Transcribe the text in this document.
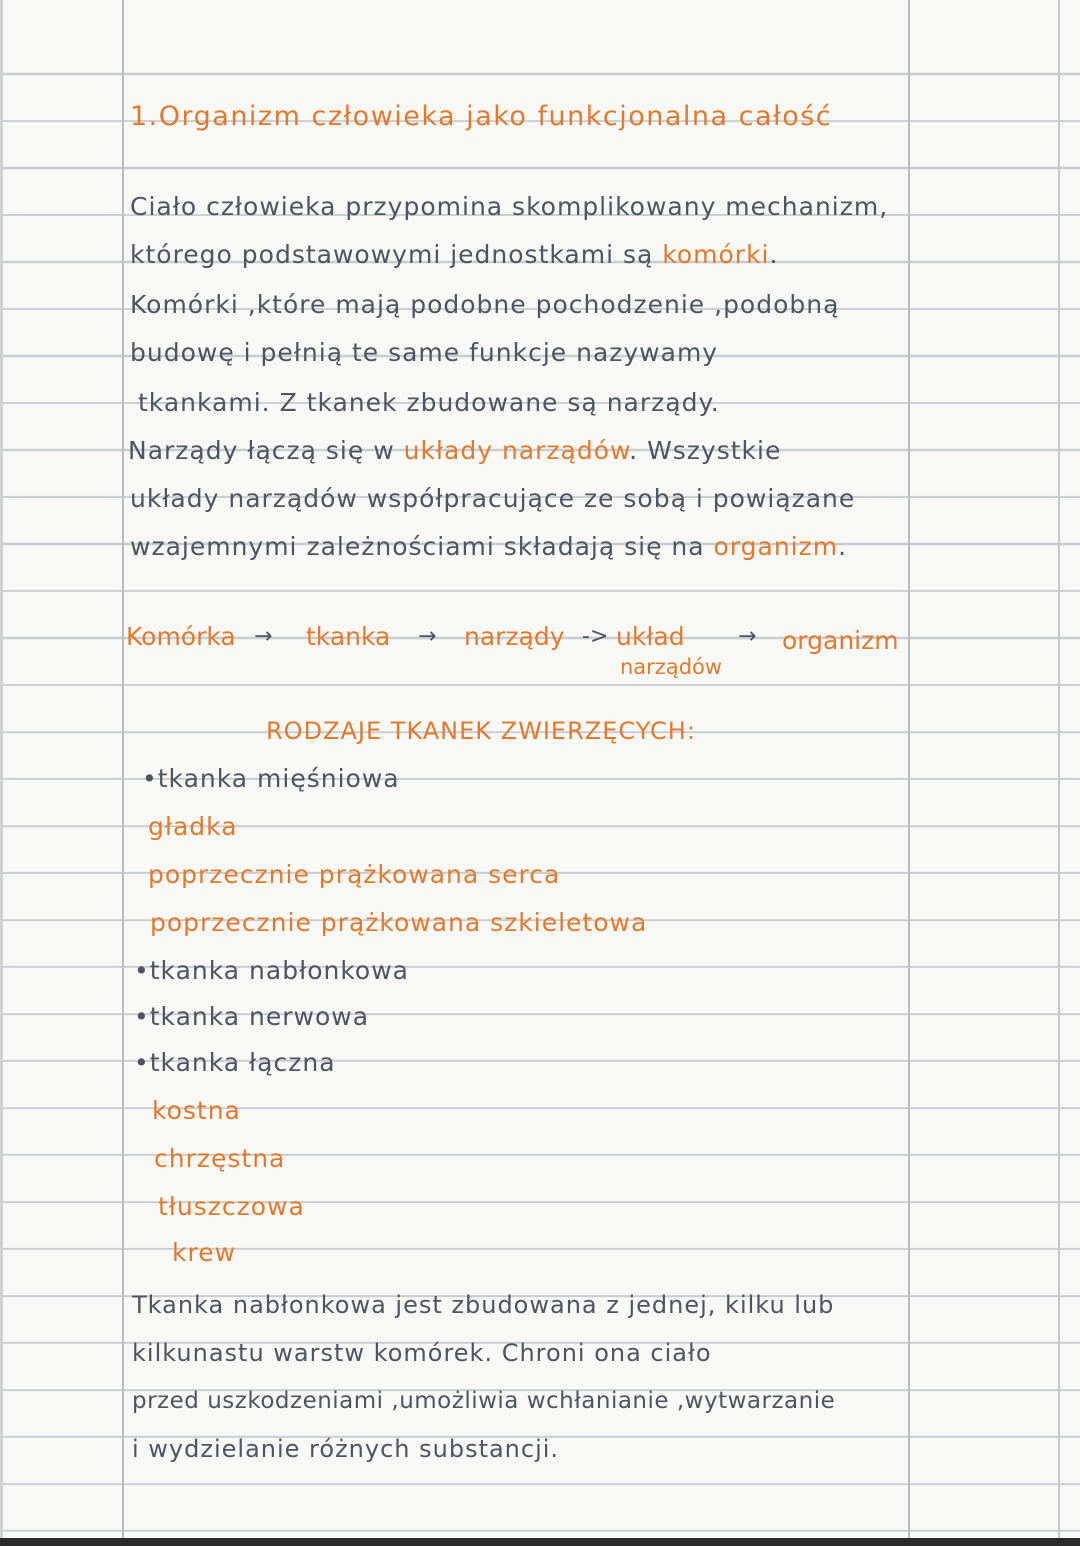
1.Organizm człowieka jako funkcjonalna całość
Ciało człowieka przypomina skomplikowany mechanizm,
którego podstawowymi jednostkami są komórki.
Komórki ,które mają podobne pochodzenie ,podobną
budowę i pełnią te same funkcje nazywamy
tkankami. Z tkanek zbudowane są narządy.
Narządy łączą się w układy narządów. Wszystkie
układy narządów współpracujące ze sobą i powiązane
wzajemnymi zależnościami składają się na organizm.
Komórka → tkanka → narządy -> układ
narządów
→ organizm
RODZAJE TKANEK ZWIERZĘCYCH:
•tkanka mięśniowa
gładka
poprzecznie prążkowana serca
poprzecznie prążkowana szkieletowa
•tkanka nabłonkowa
•tkanka nerwowa
•tkanka łączna
kostna
chrzęstna
tłuszczowa
krew
Tkanka nabłonkowa jest zbudowana z jednej, kilku lub
kilkunastu warstw komórek. Chroni ona ciało
przed uszkodzeniami ,umożliwia wchłanianie ,wytwarzanie
i wydzielanie różnych substancji.
